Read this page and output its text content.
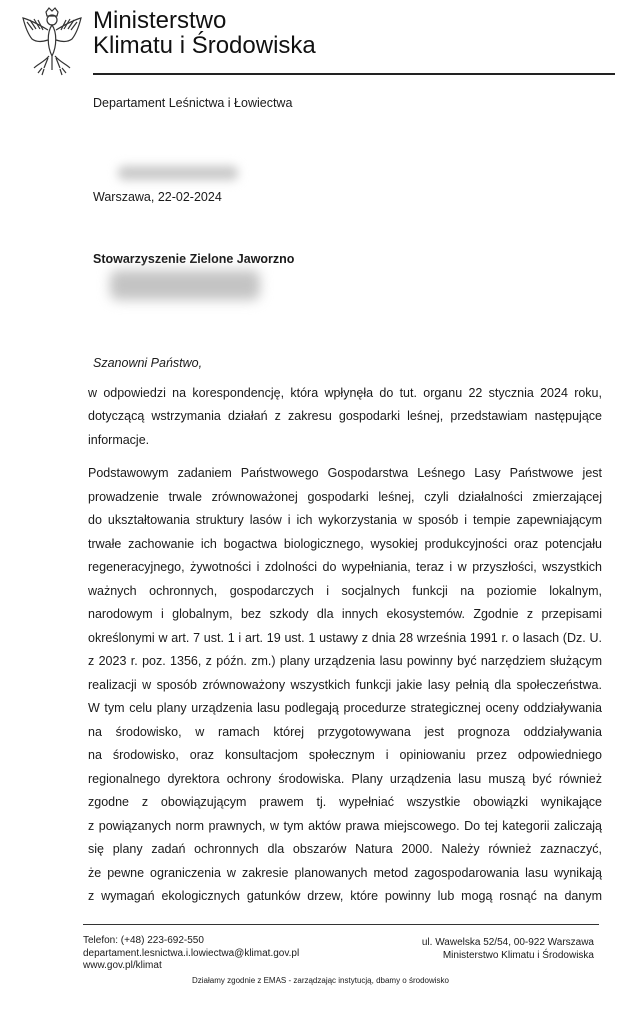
Ministerstwo
Klimatu i Środowiska
Departament Leśnictwa i Łowiectwa
Warszawa, 22-02-2024
Stowarzyszenie Zielone Jaworzno
Szanowni Państwo,
w odpowiedzi na korespondencję, która wpłynęła do tut. organu 22 stycznia 2024 roku,
dotyczącą wstrzymania działań z zakresu gospodarki leśnej, przedstawiam następujące
informacje.
Podstawowym zadaniem Państwowego Gospodarstwa Leśnego Lasy Państwowe jest
prowadzenie trwale zrównoważonej gospodarki leśnej, czyli działalności zmierzającej
do ukształtowania struktury lasów i ich wykorzystania w sposób i tempie zapewniającym
trwałe zachowanie ich bogactwa biologicznego, wysokiej produkcyjności oraz potencjału
regeneracyjnego, żywotności i zdolności do wypełniania, teraz i w przyszłości, wszystkich
ważnych ochronnych, gospodarczych i socjalnych funkcji na poziomie lokalnym,
narodowym i globalnym, bez szkody dla innych ekosystemów. Zgodnie z przepisami
określonymi w art. 7 ust. 1 i art. 19 ust. 1 ustawy z dnia 28 września 1991 r. o lasach (Dz. U.
z 2023 r. poz. 1356, z późn. zm.) plany urządzenia lasu powinny być narzędziem służącym
realizacji w sposób zrównoważony wszystkich funkcji jakie lasy pełnią dla społeczeństwa.
W tym celu plany urządzenia lasu podlegają procedurze strategicznej oceny oddziaływania
na środowisko, w ramach której przygotowywana jest prognoza oddziaływania
na środowisko, oraz konsultacjom społecznym i opiniowaniu przez odpowiedniego
regionalnego dyrektora ochrony środowiska. Plany urządzenia lasu muszą być również
zgodne z obowiązującym prawem tj. wypełniać wszystkie obowiązki wynikające
z powiązanych norm prawnych, w tym aktów prawa miejscowego. Do tej kategorii zaliczają
się plany zadań ochronnych dla obszarów Natura 2000. Należy również zaznaczyć,
że pewne ograniczenia w zakresie planowanych metod zagospodarowania lasu wynikają
z wymagań ekologicznych gatunków drzew, które powinny lub mogą rosnąć na danym
Telefon: (+48) 223-692-550
departament.lesnictwa.i.lowiectwa@klimat.gov.pl
www.gov.pl/klimat
ul. Wawelska 52/54, 00-922 Warszawa
Ministerstwo Klimatu i Środowiska
Działamy zgodnie z EMAS - zarządzając instytucją, dbamy o środowisko
